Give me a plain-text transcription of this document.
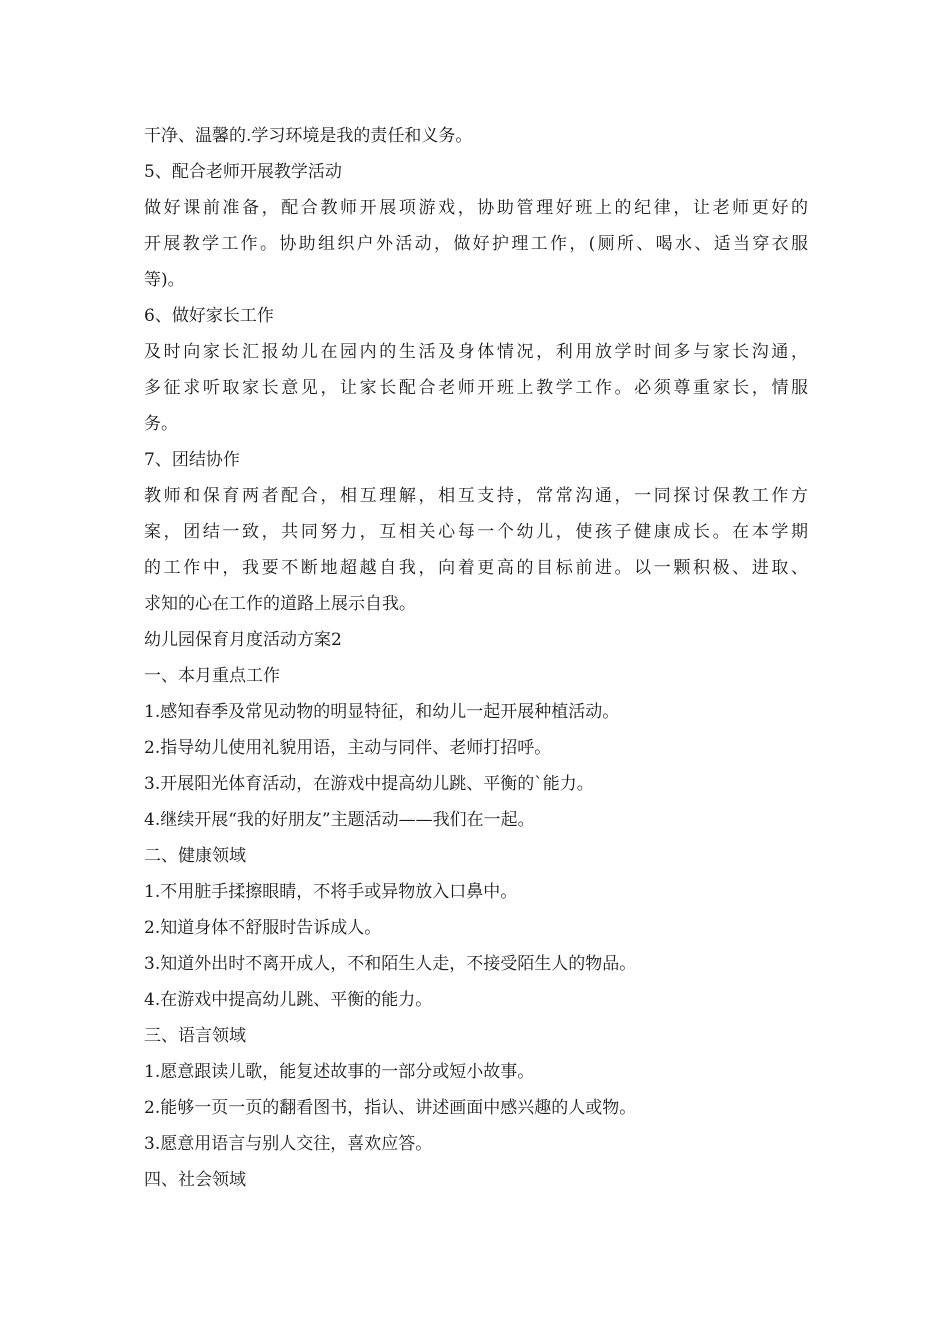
干净、温馨的.学习环境是我的责任和义务。
5、配合老师开展教学活动
做好课前准备，配合教师开展项游戏，协助管理好班上的纪律，让老师更好的
开展教学工作。协助组织户外活动，做好护理工作，(厕所、喝水、适当穿衣服
等)。
6、做好家长工作
及时向家长汇报幼儿在园内的生活及身体情况，利用放学时间多与家长沟通，
多征求听取家长意见，让家长配合老师开班上教学工作。必须尊重家长，情服
务。
7、团结协作
教师和保育两者配合，相互理解，相互支持，常常沟通，一同探讨保教工作方
案，团结一致，共同努力，互相关心每一个幼儿，使孩子健康成长。在本学期
的工作中，我要不断地超越自我，向着更高的目标前进。以一颗积极、进取、
求知的心在工作的道路上展示自我。
幼儿园保育月度活动方案2
一、本月重点工作
1.感知春季及常见动物的明显特征，和幼儿一起开展种植活动。
2.指导幼儿使用礼貌用语，主动与同伴、老师打招呼。
3.开展阳光体育活动，在游戏中提高幼儿跳、平衡的`能力。
4.继续开展“我的好朋友”主题活动——我们在一起。
二、健康领域
1.不用脏手揉擦眼睛，不将手或异物放入口鼻中。
2.知道身体不舒服时告诉成人。
3.知道外出时不离开成人，不和陌生人走，不接受陌生人的物品。
4.在游戏中提高幼儿跳、平衡的能力。
三、语言领域
1.愿意跟读儿歌，能复述故事的一部分或短小故事。
2.能够一页一页的翻看图书，指认、讲述画面中感兴趣的人或物。
3.愿意用语言与别人交往，喜欢应答。
四、社会领域
